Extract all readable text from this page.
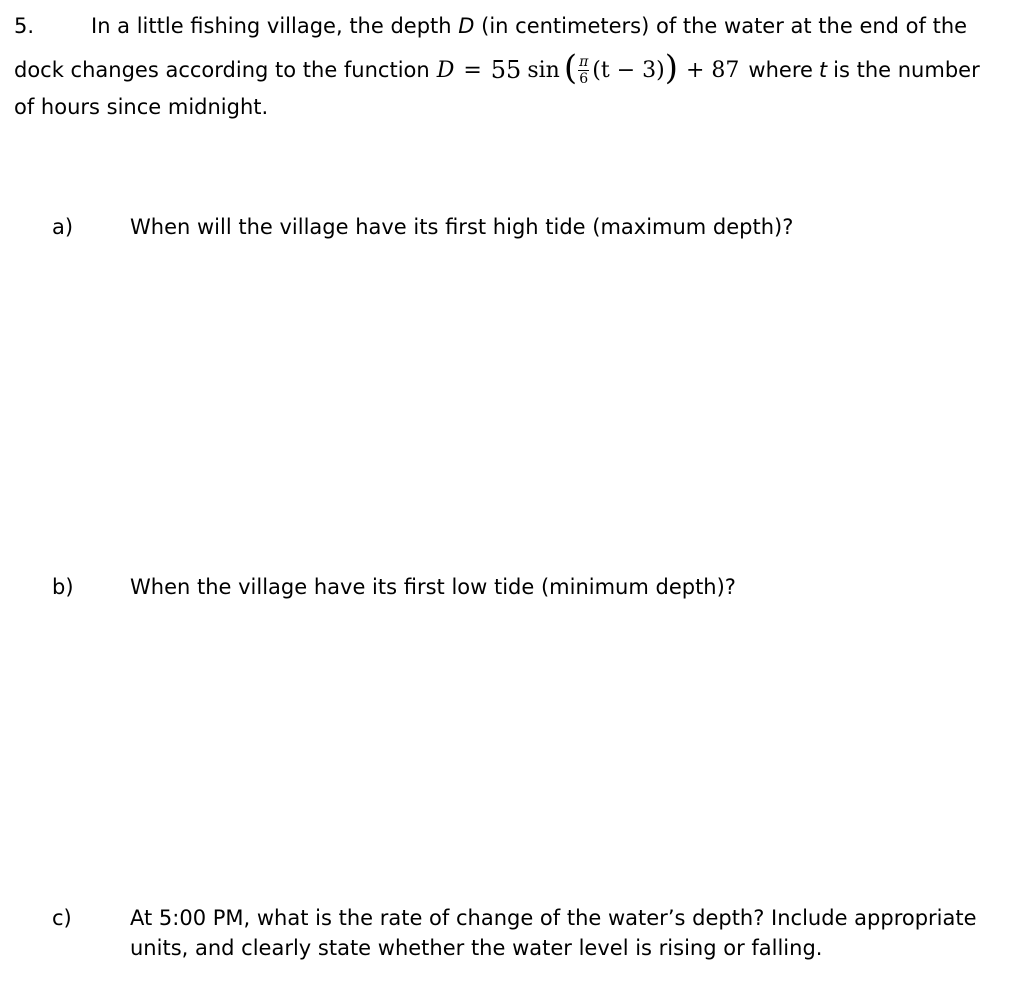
5.	In a little fishing village, the depth D (in centimeters) of the water at the end of the
dock changes according to the function D = 55 sin ( $\frac{\pi}{6} (t - 3)$ ) + 87 where t is the number
of hours since midnight.
a)	When will the village have its first high tide (maximum depth)?
b)	When the village have its first low tide (minimum depth)?
c)	At 5:00 PM, what is the rate of change of the water’s depth? Include appropriate
units, and clearly state whether the water level is rising or falling.
